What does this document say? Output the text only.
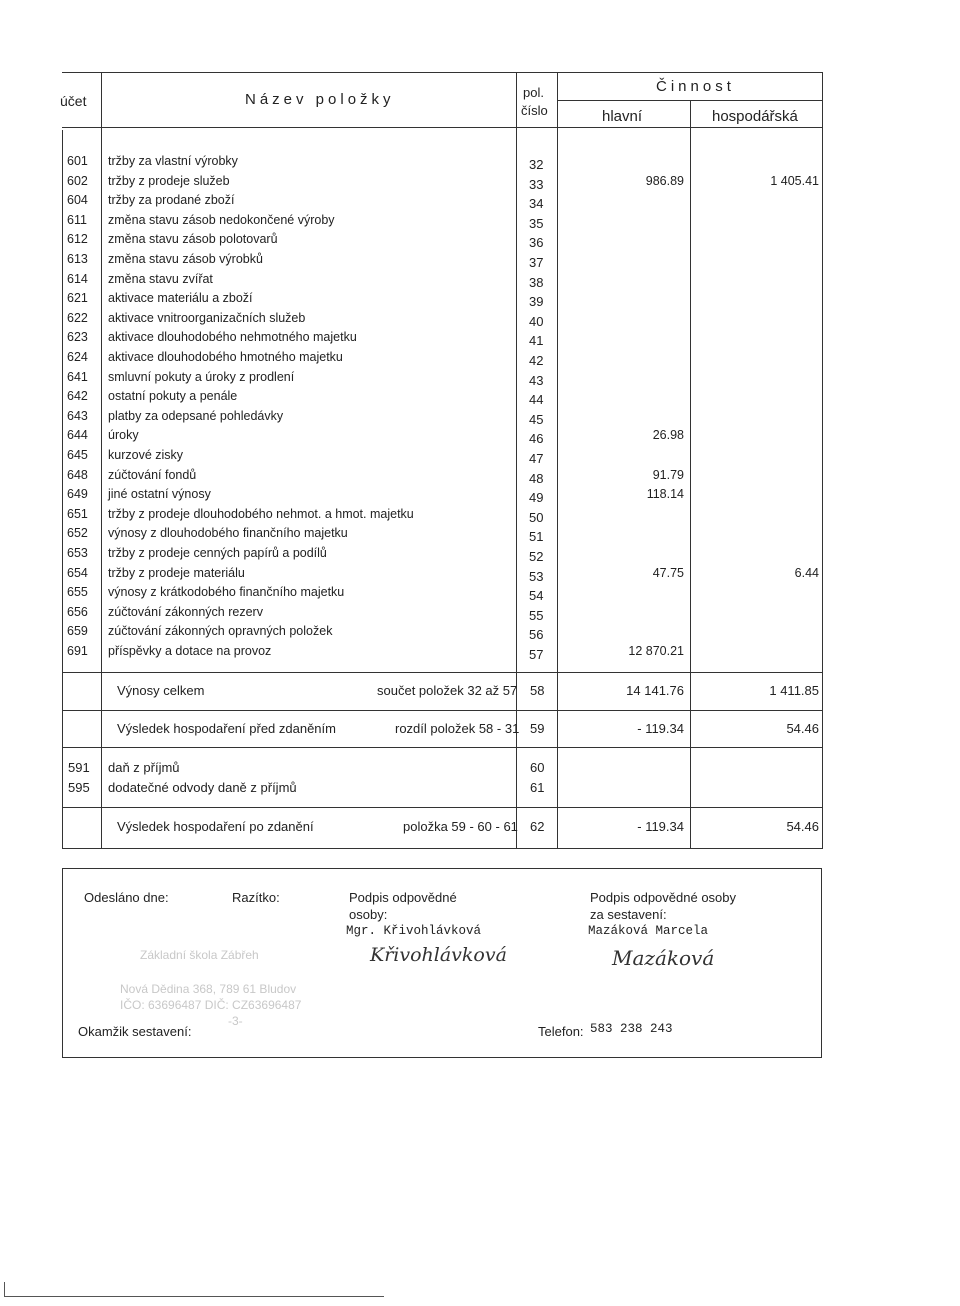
účet	Název položky	pol.
číslo
Činnost
hlavní	hospodářská
601 tržby za vlastní výrobky	32
602 tržby z prodeje služeb	33	986.89	1 405.41
604 tržby za prodané zboží	34
611 změna stavu zásob nedokončené výroby	35
612 změna stavu zásob polotovarů	36
613 změna stavu zásob výrobků	37
614 změna stavu zvířat	38
621 aktivace materiálu a zboží	39
622 aktivace vnitroorganizačních služeb	40
623 aktivace dlouhodobého nehmotného majetku	41
624 aktivace dlouhodobého hmotného majetku	42
641 smluvní pokuty a úroky z prodlení	43
642 ostatní pokuty a penále	44
643 platby za odepsané pohledávky	45
644 úroky	46	26.98
645 kurzové zisky	47
648 zúčtování fondů	48	91.79
649 jiné ostatní výnosy	49	118.14
651 tržby z prodeje dlouhodobého nehmot. a hmot. majetku	50
652 výnosy z dlouhodobého finančního majetku	51
653 tržby z prodeje cenných papírů a podílů	52
654 tržby z prodeje materiálu	53	47.75	6.44
655 výnosy z krátkodobého finančního majetku	54
656 zúčtování zákonných rezerv	55
659 zúčtování zákonných opravných položek	56
691 příspěvky a dotace na provoz	57	12 870.21
Výnosy celkem	součet položek 32 až 57 58	14 141.76	1 411.85
Výsledek hospodaření před zdaněním	rozdíl položek 58 - 31 59	- 119.34	54.46
591 daň z příjmů	60
595 dodatečné odvody daně z příjmů	61
Výsledek hospodaření po zdanění	položka 59 - 60 - 61 62	- 119.34	54.46
Odesláno dne:	Razítko:	Podpis odpovědné
osoby:
Mgr. Křivohlávková
Podpis odpovědné osoby
za sestavení:
Mazáková Marcela
Křivohlávková	Mazáková
Základní škola Zábřeh
Nová Dědina 368, 789 61 Bludov
IČO: 63696487 DIČ: CZ63696487
-3-
Okamžik sestavení:	Telefon: 583 238 243
